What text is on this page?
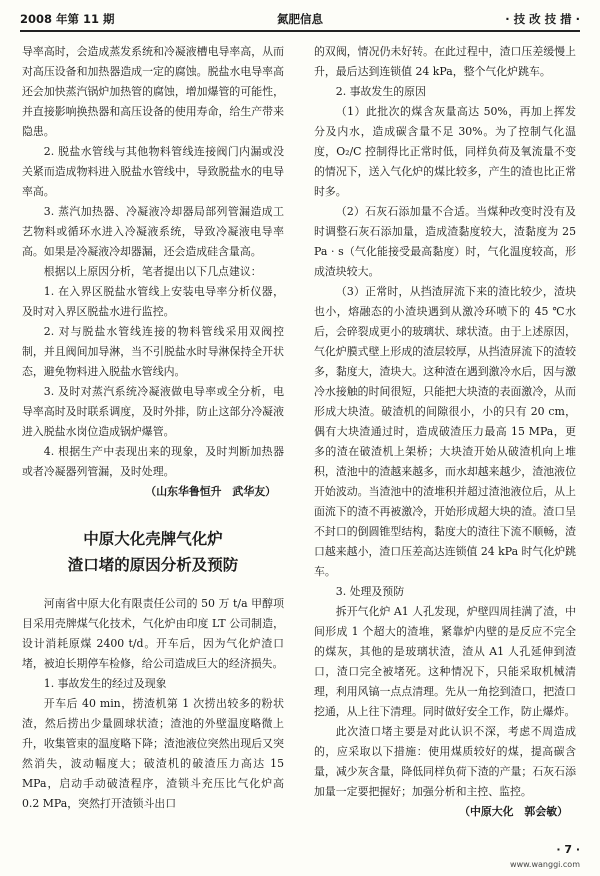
2008 年第 11 期	氮肥信息	· 技 改 技 措 ·

导率高时，会造成蒸发系统和冷凝液槽电导率高，从而对高压设备和加热器造成一定的腐蚀。脱盐水电导率高还会加快蒸汽锅炉加热管的腐蚀，增加爆管的可能性，并直接影响换热器和高压设备的使用寿命，给生产带来隐患。

2. 脱盐水管线与其他物料管线连接阀门内漏或没关紧而造成物料进入脱盐水管线中，导致脱盐水的电导率高。

3. 蒸汽加热器、冷凝液冷却器局部列管漏造成工艺物料或循环水进入冷凝液系统，导致冷凝液电导率高。如果是冷凝液冷却器漏，还会造成硅含量高。

根据以上原因分析，笔者提出以下几点建议：

1. 在入界区脱盐水管线上安装电导率分析仪器，及时对入界区脱盐水进行监控。

2. 对与脱盐水管线连接的物料管线采用双阀控制，并且阀间加导淋，当不引脱盐水时导淋保持全开状态，避免物料进入脱盐水管线内。

3. 及时对蒸汽系统冷凝液做电导率或全分析，电导率高时及时联系调度，及时外排，防止这部分冷凝液进入脱盐水岗位造成锅炉爆管。

4. 根据生产中表现出来的现象，及时判断加热器或者冷凝器列管漏，及时处理。

（山东华鲁恒升　武华友）

中原大化壳牌气化炉
渣口堵的原因分析及预防

河南省中原大化有限责任公司的 50 万 t/a 甲醇项目采用壳牌煤气化技术，气化炉由印度 LT 公司制造，设计消耗原煤 2400 t/d。开车后，因为气化炉渣口堵，被迫长期停车检修，给公司造成巨大的经济损失。

1. 事故发生的经过及现象

开车后 40 min，捞渣机第 1 次捞出较多的粉状渣，然后捞出少量圆球状渣；渣池的外壁温度略微上升，收集管束的温度略下降；渣池液位突然出现后又突然消失，波动幅度大；破渣机的破渣压力高达 15 MPa，启动手动破渣程序，渣锁斗充压比气化炉高 0.2 MPa，突然打开渣锁斗出口

的双阀，情况仍未好转。在此过程中，渣口压差缓慢上升，最后达到连锁值 24 kPa，整个气化炉跳车。

2. 事故发生的原因

（1）此批次的煤含灰量高达 50%，再加上挥发分及内水，造成碳含量不足 30%。为了控制气化温度，O₂/C 控制得比正常时低，同样负荷及氧流量不变的情况下，送入气化炉的煤比较多，产生的渣也比正常时多。

（2）石灰石添加量不合适。当煤种改变时没有及时调整石灰石添加量，造成渣黏度较大，渣黏度为 25 Pa · s（气化能接受最高黏度）时，气化温度较高，形成渣块较大。

（3）正常时，从挡渣屏流下来的渣比较少，渣块也小，熔融态的小渣块遇到从激冷环喷下的 45 ℃水后，会碎裂成更小的玻璃状、球状渣。由于上述原因，气化炉膜式壁上形成的渣层较厚，从挡渣屏流下的渣较多，黏度大，渣块大。这种渣在遇到激冷水后，因与激冷水接触的时间很短，只能把大块渣的表面激冷，从而形成大块渣。破渣机的间隙很小，小的只有 20 cm，偶有大块渣通过时，造成破渣压力最高 15 MPa，更多的渣在破渣机上架桥；大块渣开始从破渣机向上堆积，渣池中的渣越来越多，而水却越来越少，渣池液位开始波动。当渣池中的渣堆积并超过渣池液位后，从上面流下的渣不再被激冷，开始形成超大块的渣。渣口呈不封口的倒圆锥型结构，黏度大的渣往下流不顺畅，渣口越来越小，渣口压差高达连锁值 24 kPa 时气化炉跳车。

3. 处理及预防

拆开气化炉 A1 人孔发现，炉壁四周挂满了渣，中间形成 1 个超大的渣堆，紧靠炉内壁的是反应不完全的煤灰，其他的是玻璃状渣，渣从 A1 人孔延伸到渣口，渣口完全被堵死。这种情况下，只能采取机械清理，利用风镐一点点清理。先从一角挖到渣口，把渣口挖通，从上往下清理。同时做好安全工作，防止爆炸。

此次渣口堵主要是对此认识不深，考虑不周造成的，应采取以下措施：使用煤质较好的煤，提高碳含量，减少灰含量，降低同样负荷下渣的产量；石灰石添加量一定要把握好；加强分析和主控、监控。

（中原大化　郭会敏）

· 7 ·
www.wanggi.com
